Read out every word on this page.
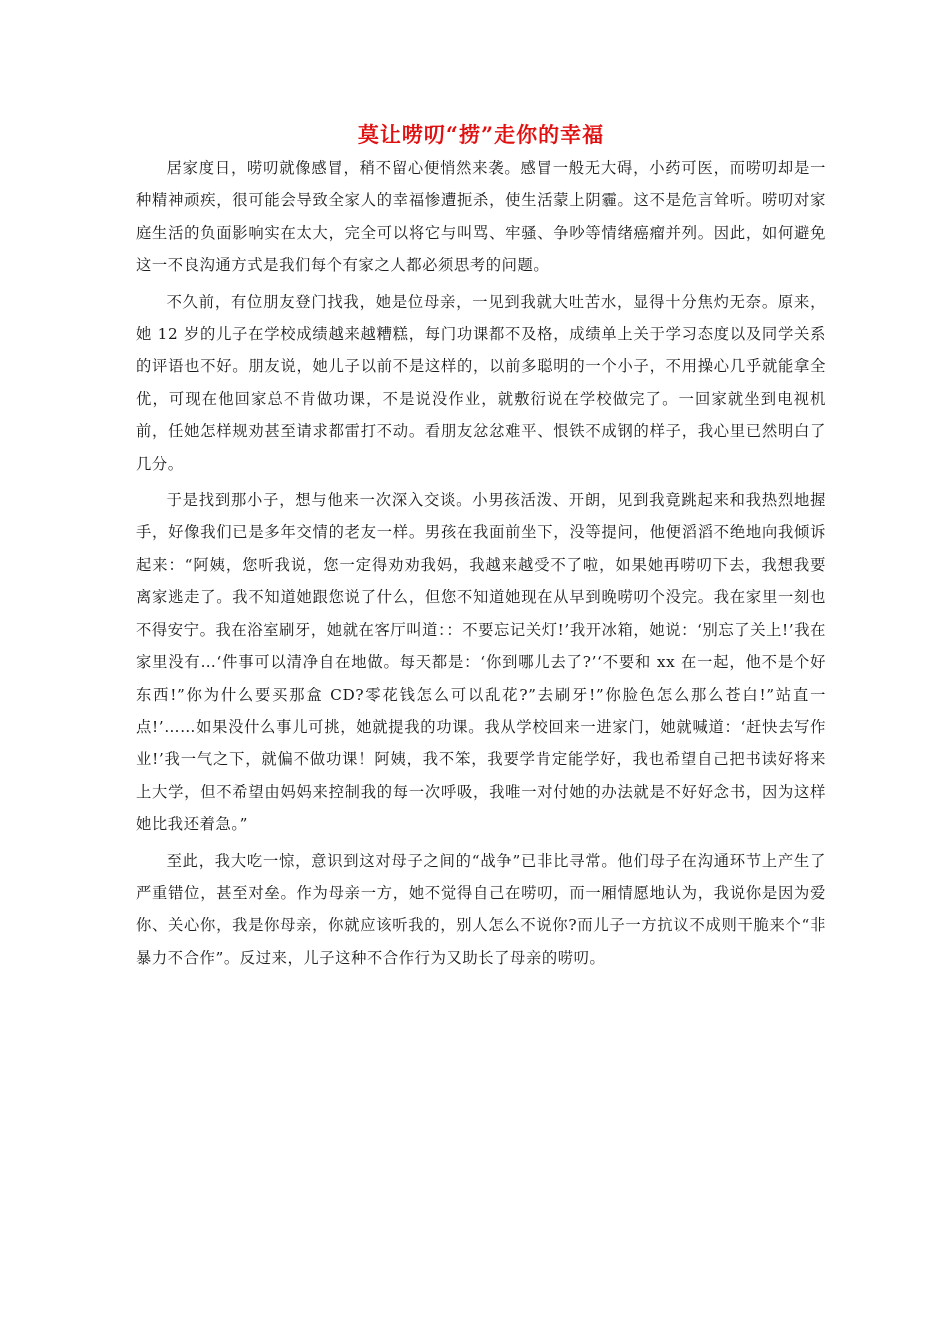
莫让唠叨“捞”走你的幸福

居家度日，唠叨就像感冒，稍不留心便悄然来袭。感冒一般无大碍，小药可医，而唠叨却是一种精神顽疾，很可能会导致全家人的幸福惨遭扼杀，使生活蒙上阴霾。这不是危言耸听。唠叨对家庭生活的负面影响实在太大，完全可以将它与叫骂、牢骚、争吵等情绪癌瘤并列。因此，如何避免这一不良沟通方式是我们每个有家之人都必须思考的问题。

不久前，有位朋友登门找我，她是位母亲，一见到我就大吐苦水，显得十分焦灼无奈。原来，她 12 岁的儿子在学校成绩越来越糟糕，每门功课都不及格，成绩单上关于学习态度以及同学关系的评语也不好。朋友说，她儿子以前不是这样的，以前多聪明的一个小子，不用操心几乎就能拿全优，可现在他回家总不肯做功课，不是说没作业，就敷衍说在学校做完了。一回家就坐到电视机前，任她怎样规劝甚至请求都雷打不动。看朋友忿忿难平、恨铁不成钢的样子，我心里已然明白了几分。

于是找到那小子，想与他来一次深入交谈。小男孩活泼、开朗，见到我竟跳起来和我热烈地握手，好像我们已是多年交情的老友一样。男孩在我面前坐下，没等提问，他便滔滔不绝地向我倾诉起来：“阿姨，您听我说，您一定得劝劝我妈，我越来越受不了啦，如果她再唠叨下去，我想我要离家逃走了。我不知道她跟您说了什么，但您不知道她现在从早到晚唠叨个没完。我在家里一刻也不得安宁。我在浴室刷牙，她就在客厅叫道：：不要忘记关灯!’我开冰箱，她说：‘别忘了关上!’我在家里没有…‘件事可以清净自在地做。每天都是：‘你到哪儿去了?’‘不要和 xx 在一起，他不是个好东西!”你为什么要买那盒 CD?零花钱怎么可以乱花?”去刷牙!”你脸色怎么那么苍白!”站直一点!’……如果没什么事儿可挑，她就提我的功课。我从学校回来一进家门，她就喊道：‘赶快去写作业!’我一气之下，就偏不做功课！阿姨，我不笨，我要学肯定能学好，我也希望自己把书读好将来上大学，但不希望由妈妈来控制我的每一次呼吸，我唯一对付她的办法就是不好好念书，因为这样她比我还着急。”

至此，我大吃一惊，意识到这对母子之间的“战争”已非比寻常。他们母子在沟通环节上产生了严重错位，甚至对垒。作为母亲一方，她不觉得自己在唠叨，而一厢情愿地认为，我说你是因为爱你、关心你，我是你母亲，你就应该听我的，别人怎么不说你?而儿子一方抗议不成则干脆来个“非暴力不合作”。反过来，儿子这种不合作行为又助长了母亲的唠叨。
